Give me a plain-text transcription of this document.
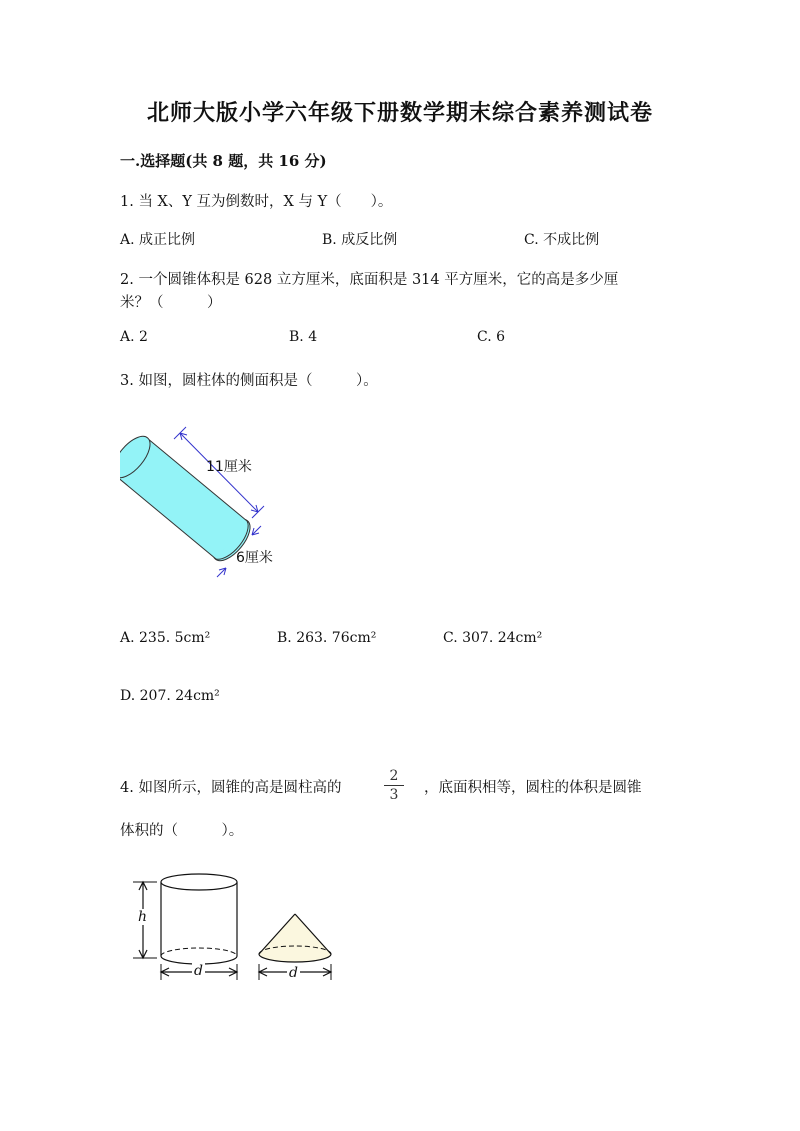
北师大版小学六年级下册数学期末综合素养测试卷
一.选择题(共 8 题，共 16 分)
1. 当 X、Y 互为倒数时，X 与 Y（　　）。
A. 成正比例	B. 成反比例	C. 不成比例
2. 一个圆锥体积是 628 立方厘米，底面积是 314 平方厘米，它的高是多少厘
米？（　　　）
A. 2	B. 4	C. 6
3. 如图，圆柱体的侧面积是（　　　）。
11厘米
6厘米
A. 235. 5cm²	B. 263. 76cm²	C. 307. 24cm²
D. 207. 24cm²
4. 如图所示，圆锥的高是圆柱高的
2
3	，底面积相等，圆柱的体积是圆锥
体积的（　　　）。
h
d	d
